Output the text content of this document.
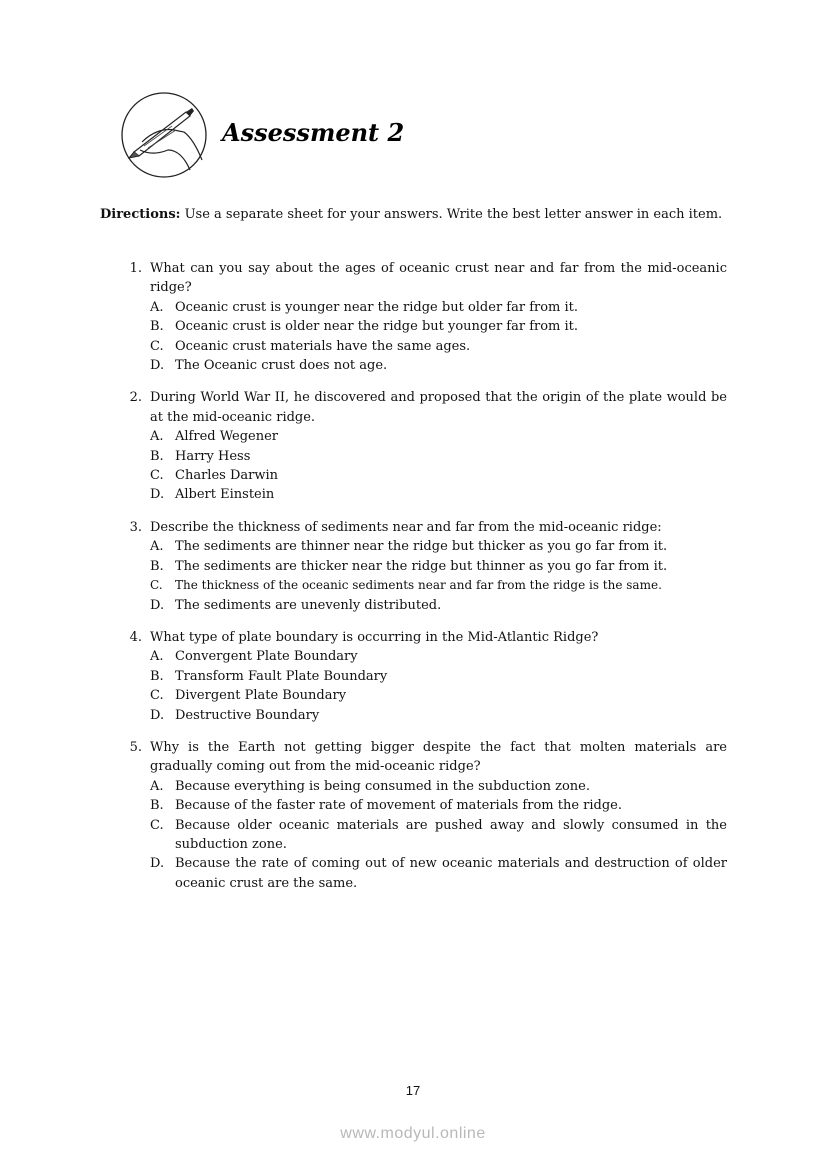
Assessment 2

Directions: Use a separate sheet for your answers. Write the best letter answer in each item.

1. What can you say about the ages of oceanic crust near and far from the mid-oceanic ridge?
A. Oceanic crust is younger near the ridge but older far from it.
B. Oceanic crust is older near the ridge but younger far from it.
C. Oceanic crust materials have the same ages.
D. The Oceanic crust does not age.
2. During World War II, he discovered and proposed that the origin of the plate would be at the mid-oceanic ridge.
A. Alfred Wegener
B. Harry Hess
C. Charles Darwin
D. Albert Einstein
3. Describe the thickness of sediments near and far from the mid-oceanic ridge:
A. The sediments are thinner near the ridge but thicker as you go far from it.
B. The sediments are thicker near the ridge but thinner as you go far from it.
C.	The thickness of the oceanic sediments near and far from the ridge is the same.
D. The sediments are unevenly distributed.
4. What type of plate boundary is occurring in the Mid-Atlantic Ridge?
A. Convergent Plate Boundary
B. Transform Fault Plate Boundary
C. Divergent Plate Boundary
D. Destructive Boundary
5. Why is the Earth not getting bigger despite the fact that molten materials are gradually coming out from the mid-oceanic ridge?
A. Because everything is being consumed in the subduction zone.
B. Because of the faster rate of movement of materials from the ridge.
C. Because older oceanic materials are pushed away and slowly consumed in the subduction zone.
D. Because the rate of coming out of new oceanic materials and destruction of older oceanic crust are the same.
17
www.modyul.online
